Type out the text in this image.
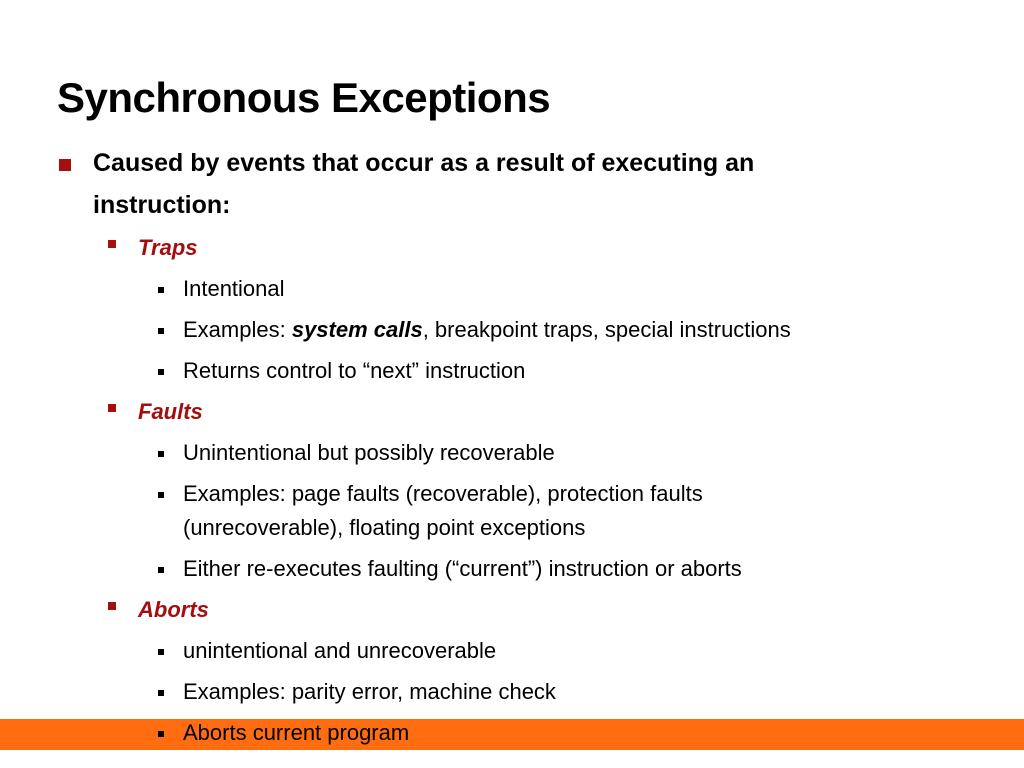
Synchronous Exceptions
Caused by events that occur as a result of executing an
instruction:
Traps
Intentional
Examples: system calls, breakpoint traps, special instructions
Returns control to “next” instruction
Faults
Unintentional but possibly recoverable
Examples: page faults (recoverable), protection faults
(unrecoverable), floating point exceptions
Either re-executes faulting (“current”) instruction or aborts
Aborts
unintentional and unrecoverable
Examples: parity error, machine check
Aborts current program
